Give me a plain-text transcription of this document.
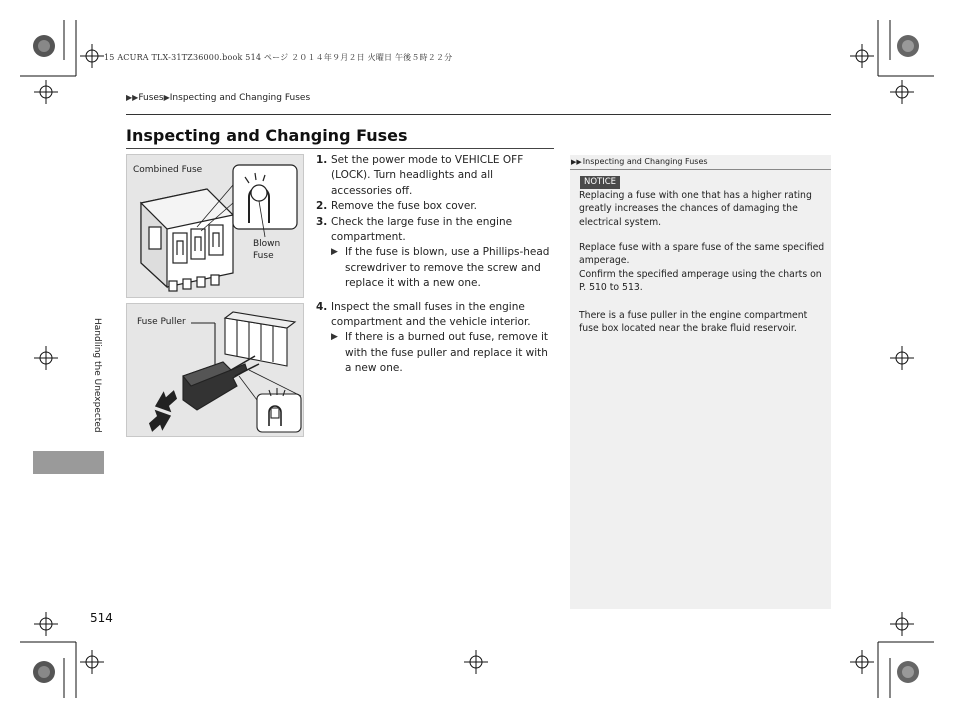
15 ACURA TLX-31TZ36000.book 514 ページ ２０１４年９月２日 火曜日 午後５時２２分
▶▶Fuses▶Inspecting and Changing Fuses
Inspecting and Changing Fuses
Combined Fuse
Blown
Fuse
Fuse Puller

1. Set the power mode to VEHICLE OFF (LOCK). Turn headlights and all accessories off.

2. Remove the fuse box cover.

3. Check the large fuse in the engine compartment.

▶ If the fuse is blown, use a Phillips-head screwdriver to remove the screw and replace it with a new one.

4. Inspect the small fuses in the engine compartment and the vehicle interior.

▶ If there is a burned out fuse, remove it with the fuse puller and replace it with a new one.

▶▶Inspecting and Changing Fuses
NOTICE
Replacing a fuse with one that has a higher rating greatly increases the chances of damaging the electrical system.
Replace fuse with a spare fuse of the same specified amperage.
Confirm the specified amperage using the charts on P. 510 to 513.
There is a fuse puller in the engine compartment fuse box located near the brake fluid reservoir.
Handling the Unexpected
514
